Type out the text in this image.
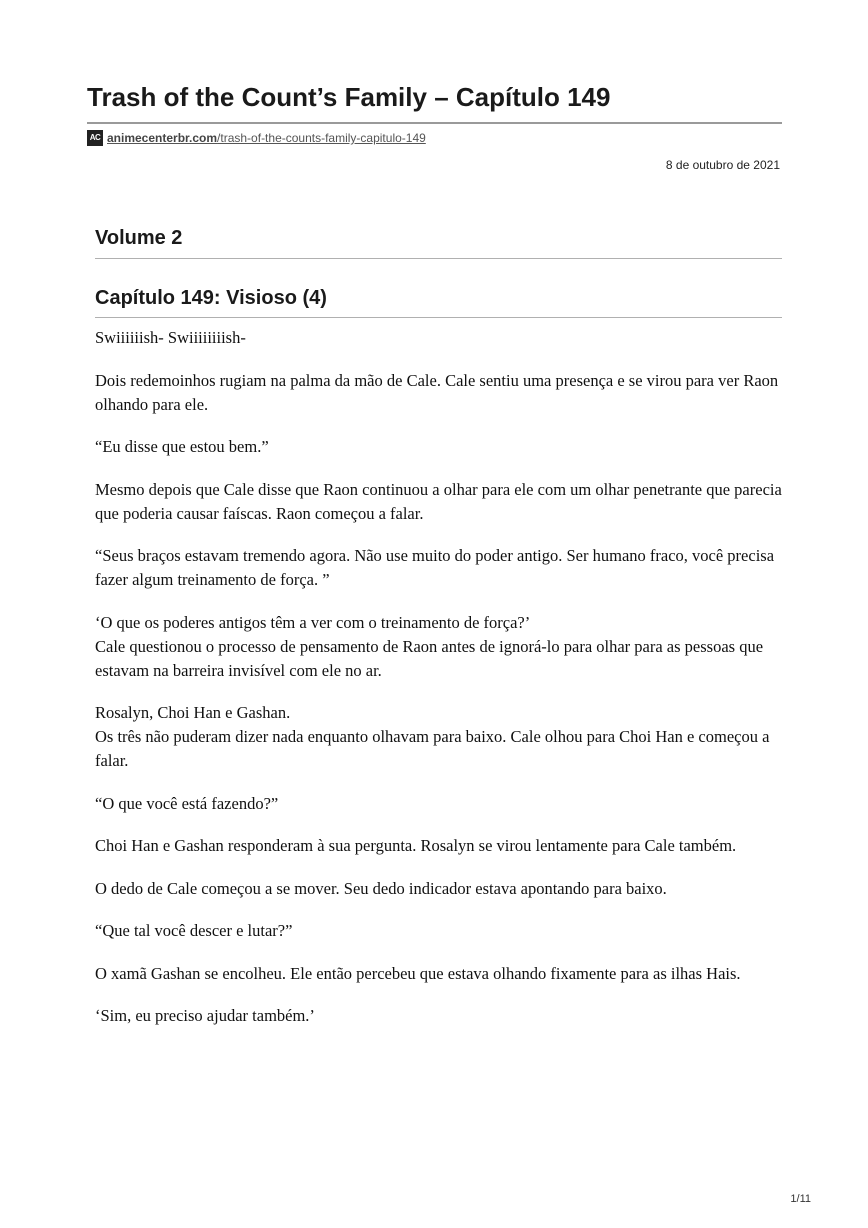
Trash of the Count’s Family – Capítulo 149
AC animecenterbr.com/trash-of-the-counts-family-capitulo-149
8 de outubro de 2021
Volume 2
Capítulo 149: Visioso (4)

Swiiiiiish- Swiiiiiiiish-

Dois redemoinhos rugiam na palma da mão de Cale. Cale sentiu uma presença e se virou para ver Raon olhando para ele.

“Eu disse que estou bem.”

Mesmo depois que Cale disse que Raon continuou a olhar para ele com um olhar penetrante que parecia que poderia causar faíscas. Raon começou a falar.

“Seus braços estavam tremendo agora. Não use muito do poder antigo. Ser humano fraco, você precisa fazer algum treinamento de força. ”

‘O que os poderes antigos têm a ver com o treinamento de força?’
Cale questionou o processo de pensamento de Raon antes de ignorá-lo para olhar para as pessoas que estavam na barreira invisível com ele no ar.

Rosalyn, Choi Han e Gashan.
Os três não puderam dizer nada enquanto olhavam para baixo. Cale olhou para Choi Han e começou a falar.

“O que você está fazendo?”

Choi Han e Gashan responderam à sua pergunta. Rosalyn se virou lentamente para Cale também.

O dedo de Cale começou a se mover. Seu dedo indicador estava apontando para baixo.

“Que tal você descer e lutar?”

O xamã Gashan se encolheu. Ele então percebeu que estava olhando fixamente para as ilhas Hais.

‘Sim, eu preciso ajudar também.’

1/11
